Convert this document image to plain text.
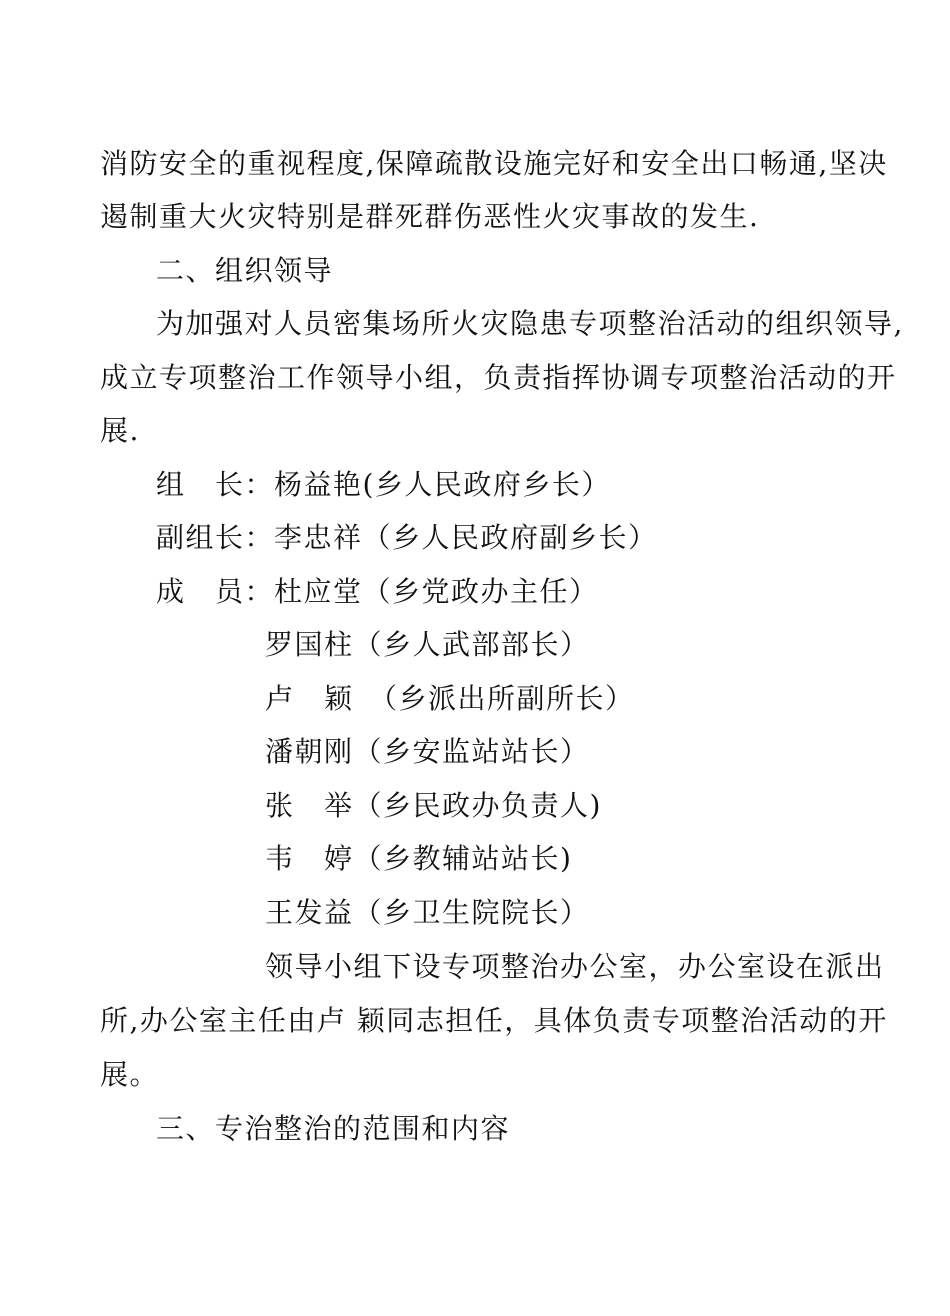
消防安全的重视程度,保障疏散设施完好和安全出口畅通,坚决
遏制重大火灾特别是群死群伤恶性火灾事故的发生.
二、组织领导
为加强对人员密集场所火灾隐患专项整治活动的组织领导,
成立专项整治工作领导小组，负责指挥协调专项整治活动的开
展.
组　长：杨益艳(乡人民政府乡长）
副组长：李忠祥（乡人民政府副乡长）
成　员：杜应堂（乡党政办主任）
罗国柱（乡人武部部长）
卢　颖　（乡派出所副所长）
潘朝刚（乡安监站站长）
张　举（乡民政办负责人)
韦　婷（乡教辅站站长)
王发益（乡卫生院院长）
领导小组下设专项整治办公室，办公室设在派出
所,办公室主任由卢 颖同志担任，具体负责专项整治活动的开
展。
三、专治整治的范围和内容
